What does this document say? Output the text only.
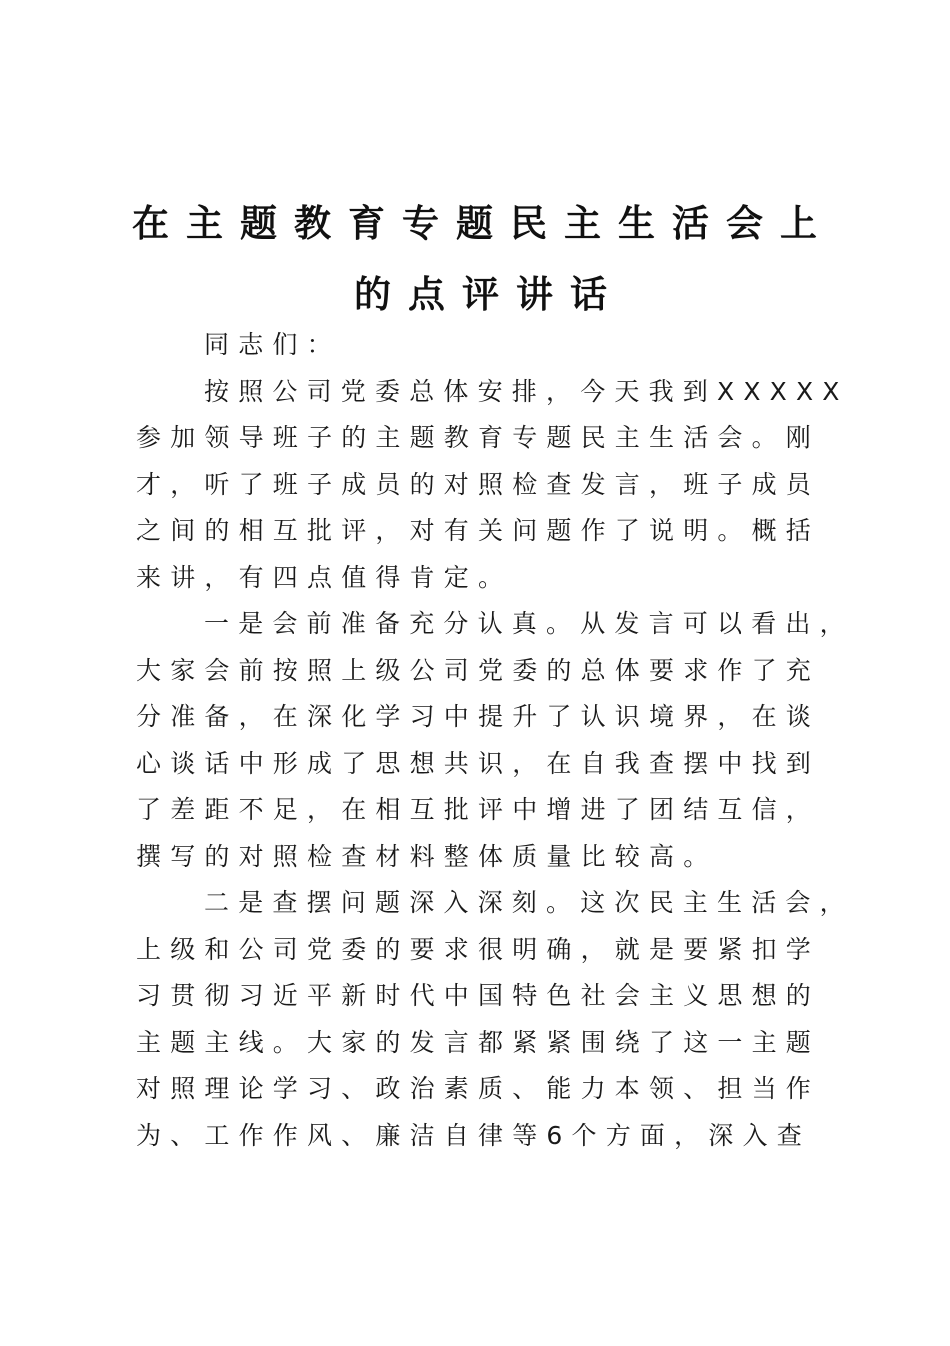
在主题教育专题民主生活会上
的点评讲话
同志们：
按照公司党委总体安排，今天我到XXXXX
参加领导班子的主题教育专题民主生活会。刚
才，听了班子成员的对照检查发言，班子成员
之间的相互批评，对有关问题作了说明。概括
来讲，有四点值得肯定。
一是会前准备充分认真。从发言可以看出，
大家会前按照上级公司党委的总体要求作了充
分准备，在深化学习中提升了认识境界，在谈
心谈话中形成了思想共识，在自我查摆中找到
了差距不足，在相互批评中增进了团结互信，
撰写的对照检查材料整体质量比较高。
二是查摆问题深入深刻。这次民主生活会，
上级和公司党委的要求很明确，就是要紧扣学
习贯彻习近平新时代中国特色社会主义思想的
主题主线。大家的发言都紧紧围绕了这一主题
对照理论学习、政治素质、能力本领、担当作
为、工作作风、廉洁自律等6个方面，深入查
